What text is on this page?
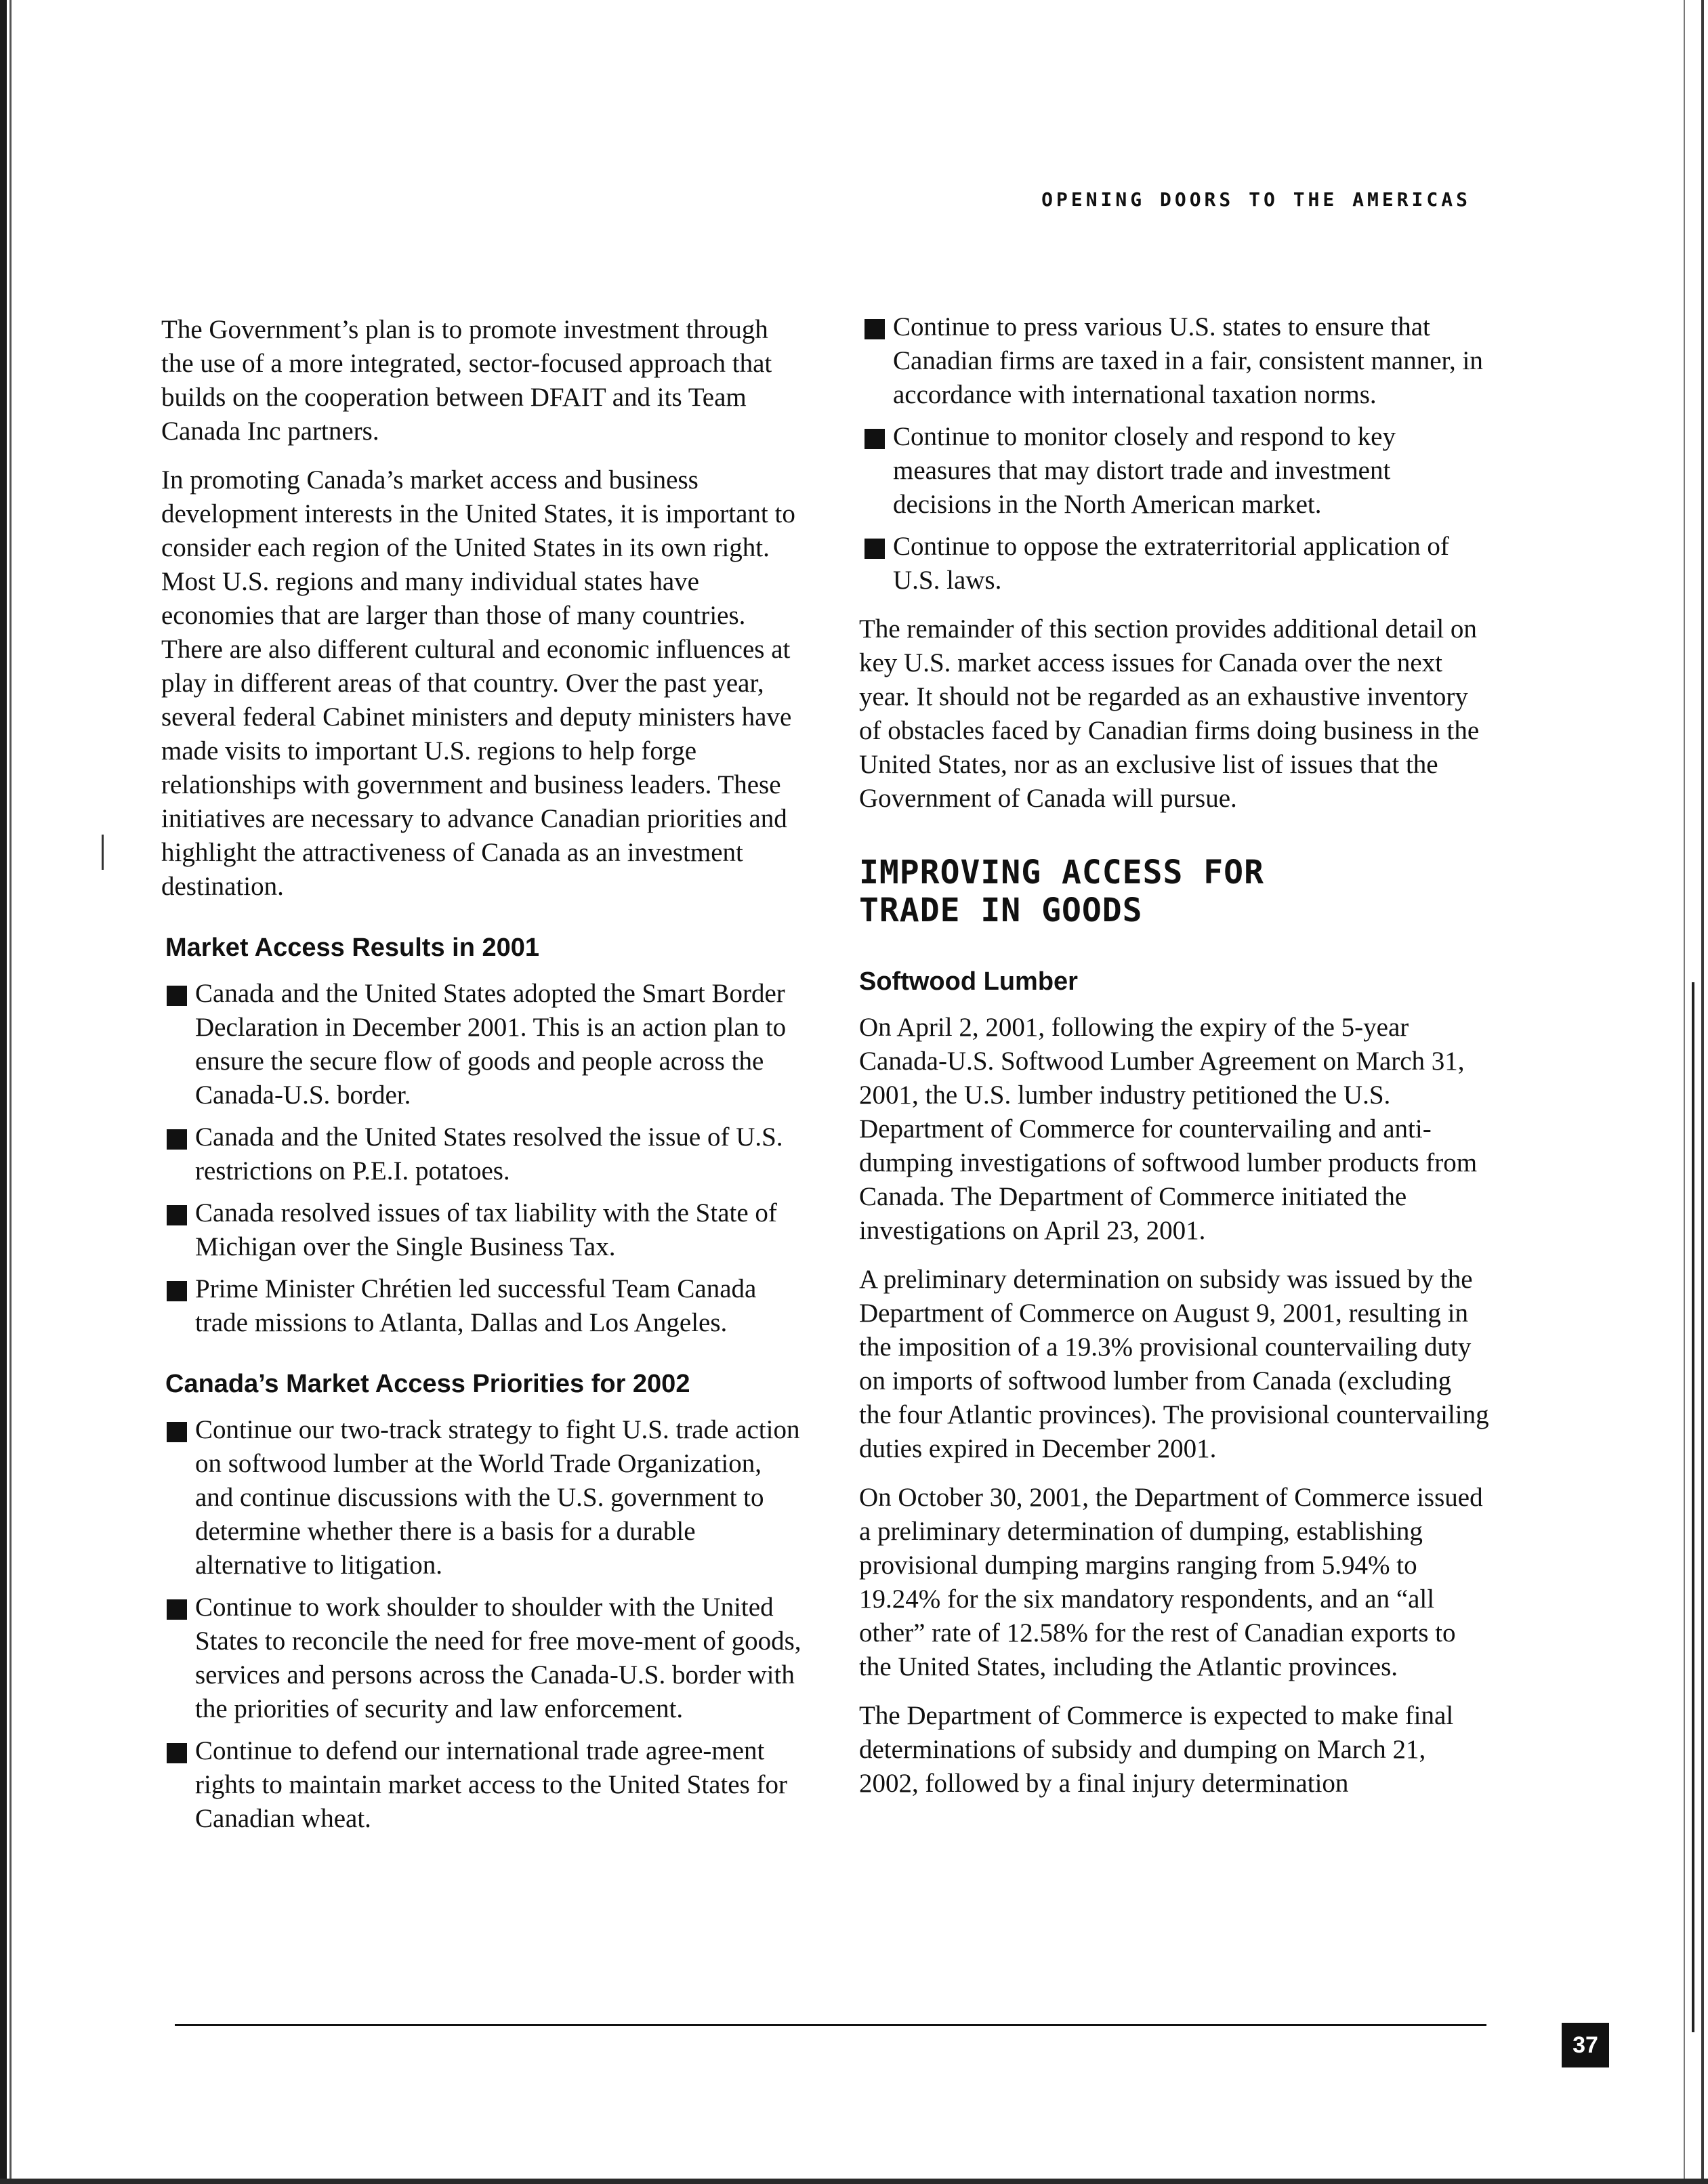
OPENING DOORS TO THE AMERICAS

The Government’s plan is to promote investment through the use of a more integrated, sector-focused approach that builds on the cooperation between DFAIT and its Team Canada Inc partners.

In promoting Canada’s market access and business development interests in the United States, it is important to consider each region of the United States in its own right. Most U.S. regions and many individual states have economies that are larger than those of many countries. There are also different cultural and economic influences at play in different areas of that country. Over the past year, several federal Cabinet ministers and deputy ministers have made visits to important U.S. regions to help forge relationships with government and business leaders. These initiatives are necessary to advance Canadian priorities and highlight the attractiveness of Canada as an investment destination.

Market Access Results in 2001
Canada and the United States adopted the Smart Border Declaration in December 2001. This is an action plan to ensure the secure flow of goods and people across the Canada-U.S. border.
Canada and the United States resolved the issue of U.S. restrictions on P.E.I. potatoes.
Canada resolved issues of tax liability with the State of Michigan over the Single Business Tax.
Prime Minister Chrétien led successful Team Canada trade missions to Atlanta, Dallas and Los Angeles.
Canada’s Market Access Priorities for 2002
Continue our two-track strategy to fight U.S. trade action on softwood lumber at the World Trade Organization, and continue discussions with the U.S. government to determine whether there is a basis for a durable alternative to litigation.
Continue to work shoulder to shoulder with the United States to reconcile the need for free move-ment of goods, services and persons across the Canada-U.S. border with the priorities of security and law enforcement.
Continue to defend our international trade agree-ment rights to maintain market access to the United States for Canadian wheat.
Continue to press various U.S. states to ensure that Canadian firms are taxed in a fair, consistent manner, in accordance with international taxation norms.
Continue to monitor closely and respond to key measures that may distort trade and investment decisions in the North American market.
Continue to oppose the extraterritorial application of U.S. laws.

The remainder of this section provides additional detail on key U.S. market access issues for Canada over the next year. It should not be regarded as an exhaustive inventory of obstacles faced by Canadian firms doing business in the United States, nor as an exclusive list of issues that the Government of Canada will pursue.

IMPROVING ACCESS FOR
TRADE IN GOODS
Softwood Lumber

On April 2, 2001, following the expiry of the 5-year Canada-U.S. Softwood Lumber Agreement on March 31, 2001, the U.S. lumber industry petitioned the U.S. Department of Commerce for countervailing and anti-dumping investigations of softwood lumber products from Canada. The Department of Commerce initiated the investigations on April 23, 2001.

A preliminary determination on subsidy was issued by the Department of Commerce on August 9, 2001, resulting in the imposition of a 19.3% provisional countervailing duty on imports of softwood lumber from Canada (excluding the four Atlantic provinces). The provisional countervailing duties expired in December 2001.

On October 30, 2001, the Department of Commerce issued a preliminary determination of dumping, establishing provisional dumping margins ranging from 5.94% to 19.24% for the six mandatory respondents, and an “all other” rate of 12.58% for the rest of Canadian exports to the United States, including the Atlantic provinces.

The Department of Commerce is expected to make final determinations of subsidy and dumping on March 21, 2002, followed by a final injury determination

37
